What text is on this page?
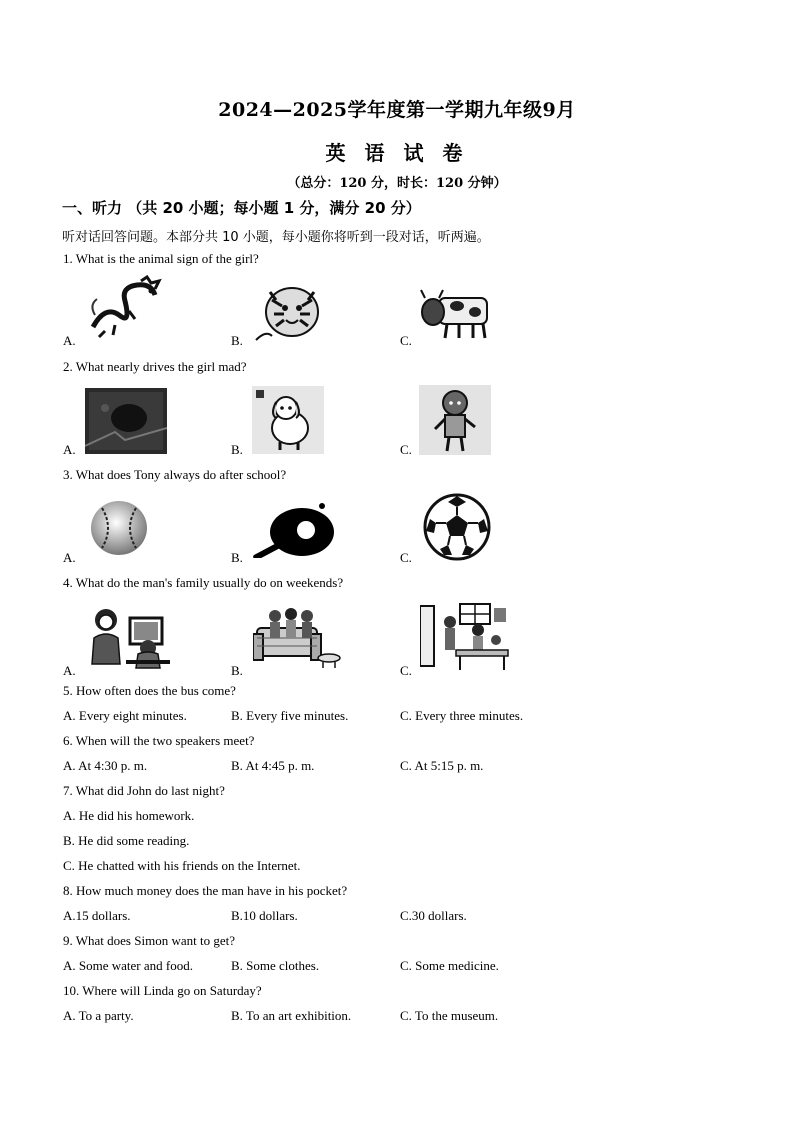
2024—2025学年度第一学期九年级9月
英 语 试 卷
（总分：120 分，时长：120 分钟）
一、听力 （共 20 小题；每小题 1 分，满分 20 分）
听对话回答问题。本部分共 10 小题，每小题你将听到一段对话，听两遍。
1. What is the animal sign of the girl?
A.	B.	C.
2. What nearly drives the girl mad?
A.	B.	C.
3. What does Tony always do after school?
A.	B.	C.
4. What do the man's family usually do on weekends?
A.	B.	C.
5. How often does the bus come?
A. Every eight minutes.	B. Every five minutes.	C. Every three minutes.
6. When will the two speakers meet?
A. At 4:30 p. m.	B. At 4:45 p. m.	C. At 5:15 p. m.
7. What did John do last night?
A. He did his homework.
B. He did some reading.
C. He chatted with his friends on the Internet.
8. How much money does the man have in his pocket?
A.15 dollars.	B.10 dollars.	C.30 dollars.
9. What does Simon want to get?
A. Some water and food.	B. Some clothes.	C. Some medicine.
10. Where will Linda go on Saturday?
A. To a party.	B. To an art exhibition.	C. To the museum.
